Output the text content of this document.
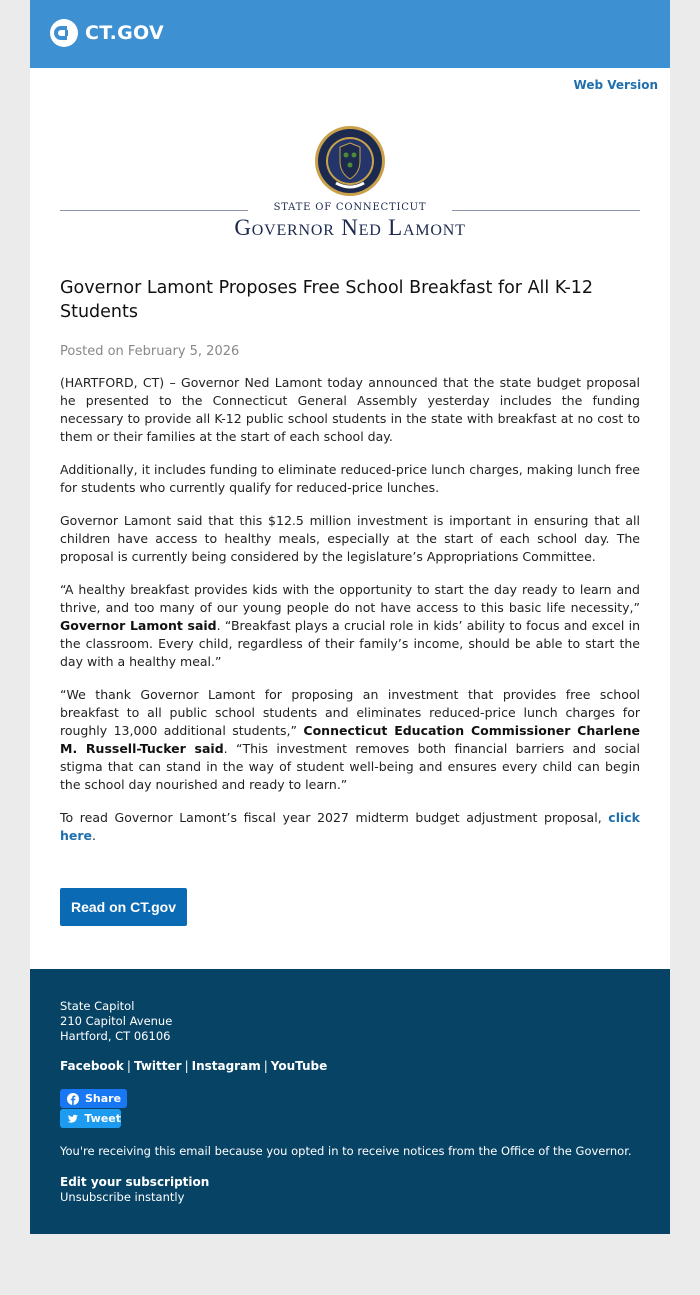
CT.GOV
Web Version
STATE OF CONNECTICUT
Governor Ned Lamont
Governor Lamont Proposes Free School Breakfast for All K-12 Students
Posted on February 5, 2026

(HARTFORD, CT) – Governor Ned Lamont today announced that the state budget proposal he presented to the Connecticut General Assembly yesterday includes the funding necessary to provide all K-12 public school students in the state with breakfast at no cost to them or their families at the start of each school day.

Additionally, it includes funding to eliminate reduced-price lunch charges, making lunch free for students who currently qualify for reduced-price lunches.

Governor Lamont said that this $12.5 million investment is important in ensuring that all children have access to healthy meals, especially at the start of each school day. The proposal is currently being considered by the legislature’s Appropriations Committee.

“A healthy breakfast provides kids with the opportunity to start the day ready to learn and thrive, and too many of our young people do not have access to this basic life necessity,” Governor Lamont said. “Breakfast plays a crucial role in kids’ ability to focus and excel in the classroom. Every child, regardless of their family’s income, should be able to start the day with a healthy meal.”

“We thank Governor Lamont for proposing an investment that provides free school breakfast to all public school students and eliminates reduced-price lunch charges for roughly 13,000 additional students,” Connecticut Education Commissioner Charlene M. Russell-Tucker said. “This investment removes both financial barriers and social stigma that can stand in the way of student well-being and ensures every child can begin the school day nourished and ready to learn.”

To read Governor Lamont’s fiscal year 2027 midterm budget adjustment proposal, click here.

Read on CT.gov
State Capitol
210 Capitol Avenue
Hartford, CT 06106
Facebook | Twitter | Instagram | YouTube
Share
Tweet
You're receiving this email because you opted in to receive notices from the Office of the Governor.
Edit your subscription
Unsubscribe instantly
